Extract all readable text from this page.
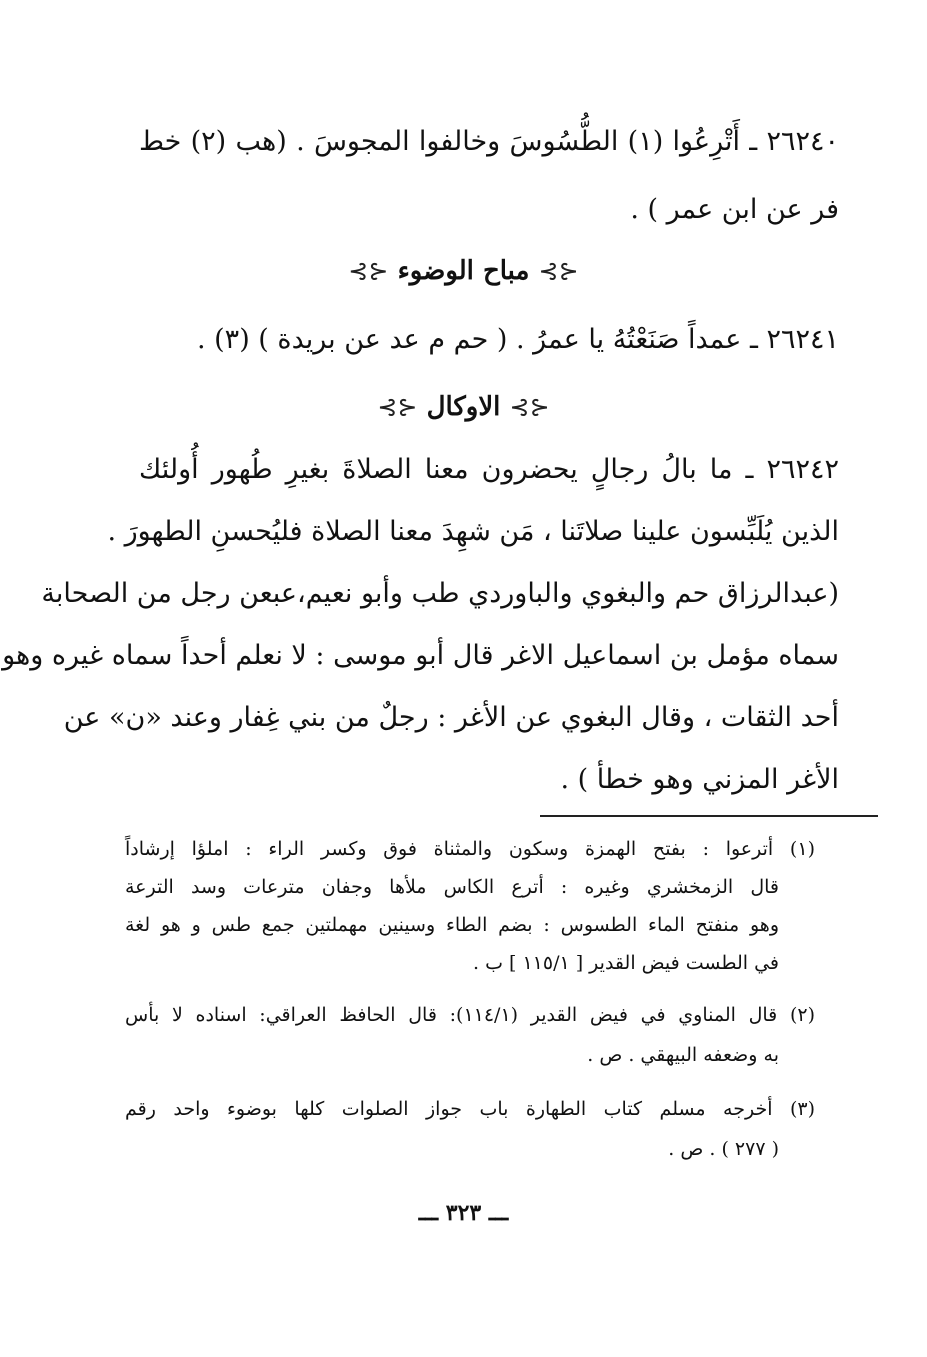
٢٦٢٤٠ ـ أَتْرِعُوا (١) الطُّسُوسَ وخالفوا المجوسَ . (هب (٢) خط
فر عن ابن عمر ) .
⊰⊱ مباح الوضوء ⊰⊱
٢٦٢٤١ ـ عمداً صَنَعْتُهُ يا عمرُ . ( حم م عد عن بريدة ) (٣) .
⊰⊱ الاوكال ⊰⊱
٢٦٢٤٢ ـ ما بالُ رجالٍ يحضرون معنا الصلاةَ بغيرِ طُهور أُولئك
الذين يُلَبِّسون علينا صلاتَنا ، مَن شهِدَ معنا الصلاة فليُحسنِ الطهورَ .
(عبدالرزاق حم والبغوي والباوردي طب وأبو نعيم،عبعن رجل من الصحابة
سماه مؤمل بن اسماعيل الاغر قال أبو موسى : لا نعلم أحداً سماه غيره وهو
أحد الثقات ، وقال البغوي عن الأغر : رجلٌ من بني غِفار وعند «ن» عن
الأغر المزني وهو خطأ ) .
(١) أترعوا : بفتح الهمزة وسكون والمثناة فوق وكسر الراء : املؤا إرشاداً
قال الزمخشري وغيره : أترع الكاس ملأها وجفان مترعات وسد الترعة
وهو منفتح الماء الطسوس : بضم الطاء وسينين مهملتين جمع طس و هو لغة
في الطست فيض القدير [ ١١٥/١ ] ب .
(٢) قال المناوي في فيض القدير (١١٤/١): قال الحافظ العراقي: اسناده لا بأس
به وضعفه البيهقي . ص .
(٣) أخرجه مسلم كتاب الطهارة باب جواز الصلوات كلها بوضوء واحد رقم
( ٢٧٧ ) . ص .
ـــ ٣٢٣ ـــ
